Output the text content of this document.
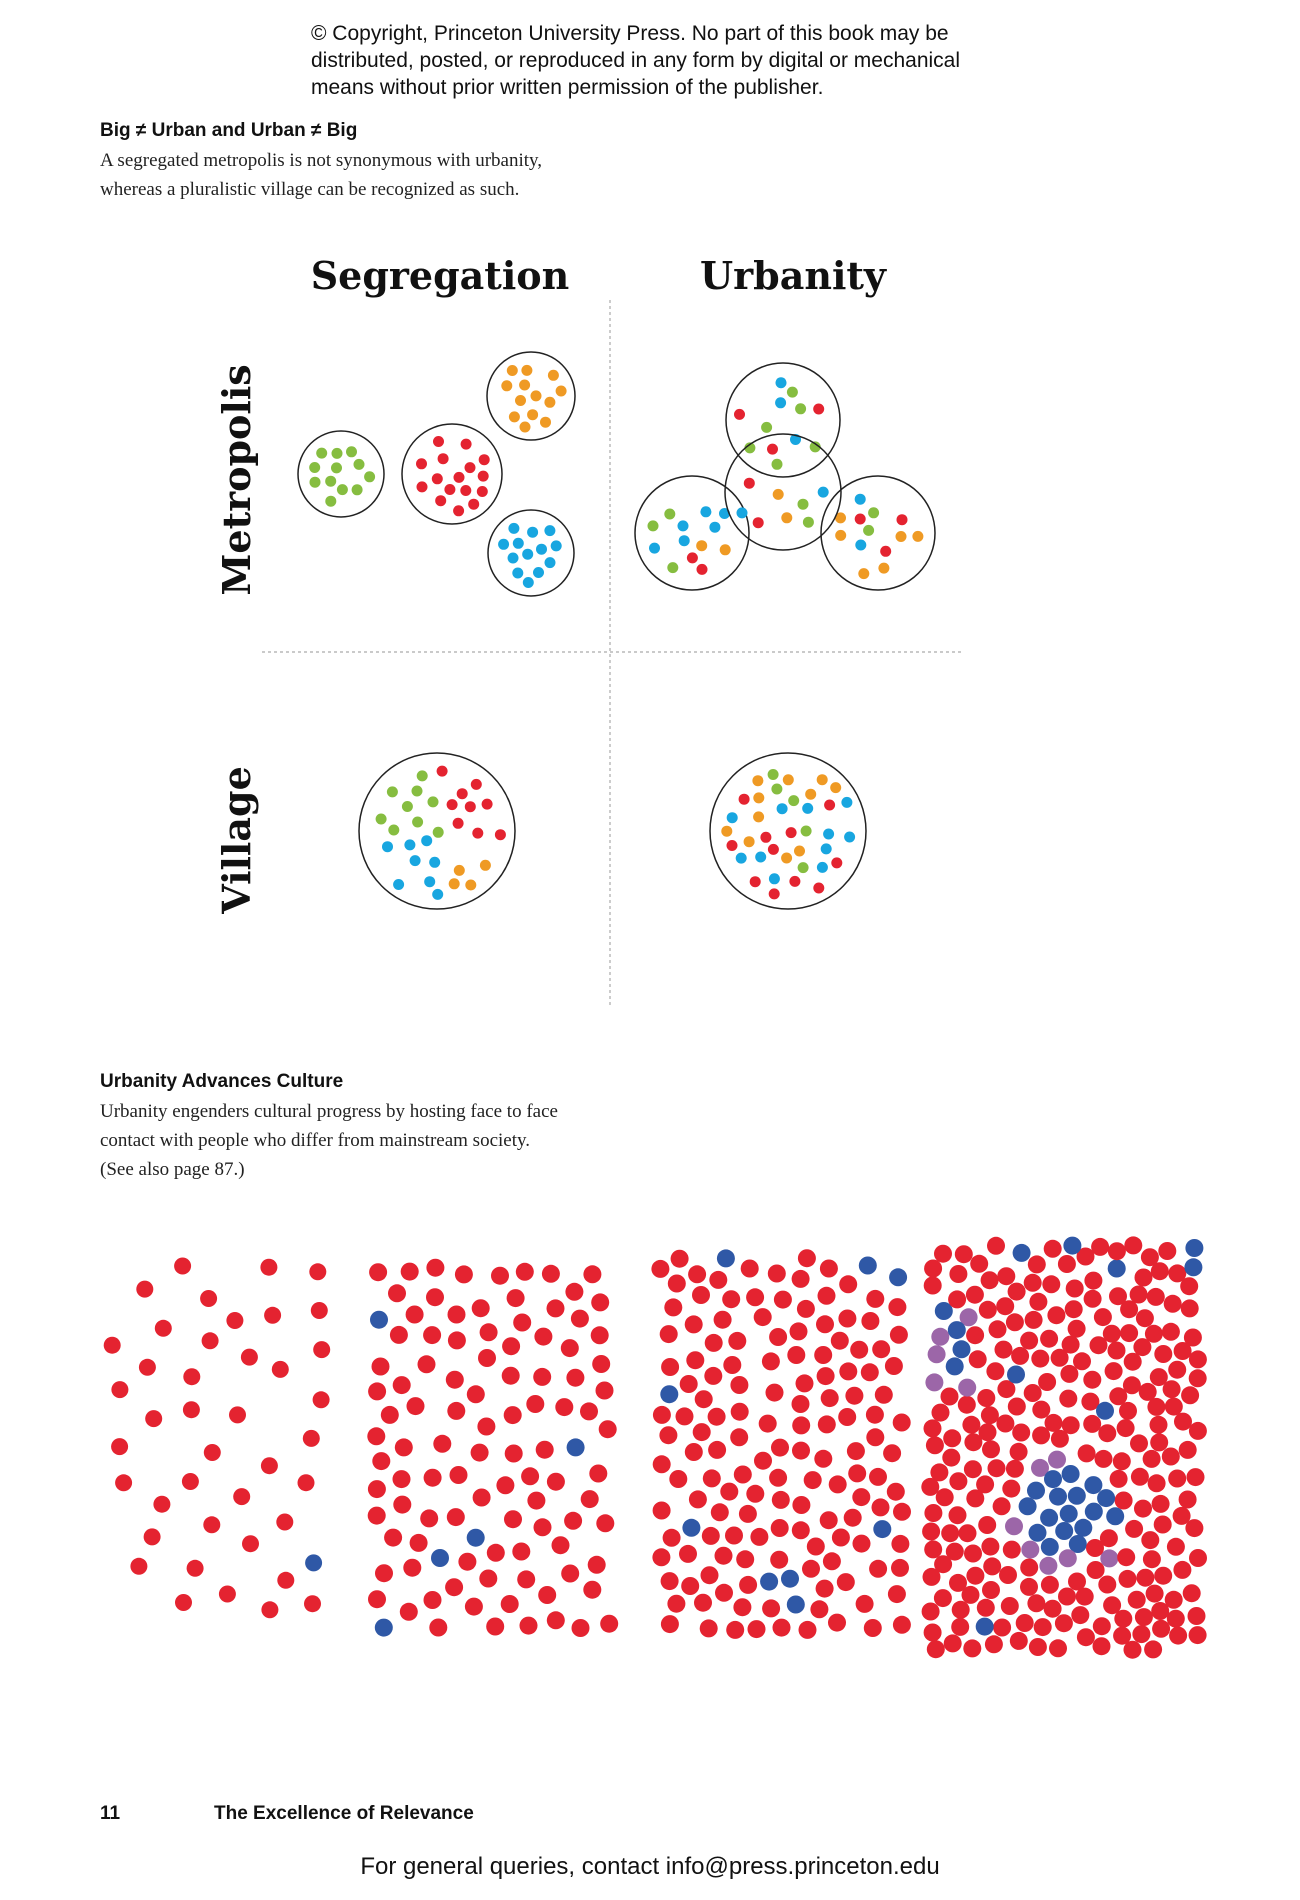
© Copyright, Princeton University Press. No part of this book may be
distributed, posted, or reproduced in any form by digital or mechanical
means without prior written permission of the publisher.
Big ≠ Urban and Urban ≠ Big
A segregated metropolis is not synonymous with urbanity,
whereas a pluralistic village can be recognized as such.
Segregation	Urbanity
Metropolis
Village
Urbanity Advances Culture
Urbanity engenders cultural progress by hosting face to face
contact with people who differ from mainstream society.
(See also page 87.)
11	The Excellence of Relevance
For general queries, contact info@press.princeton.edu
